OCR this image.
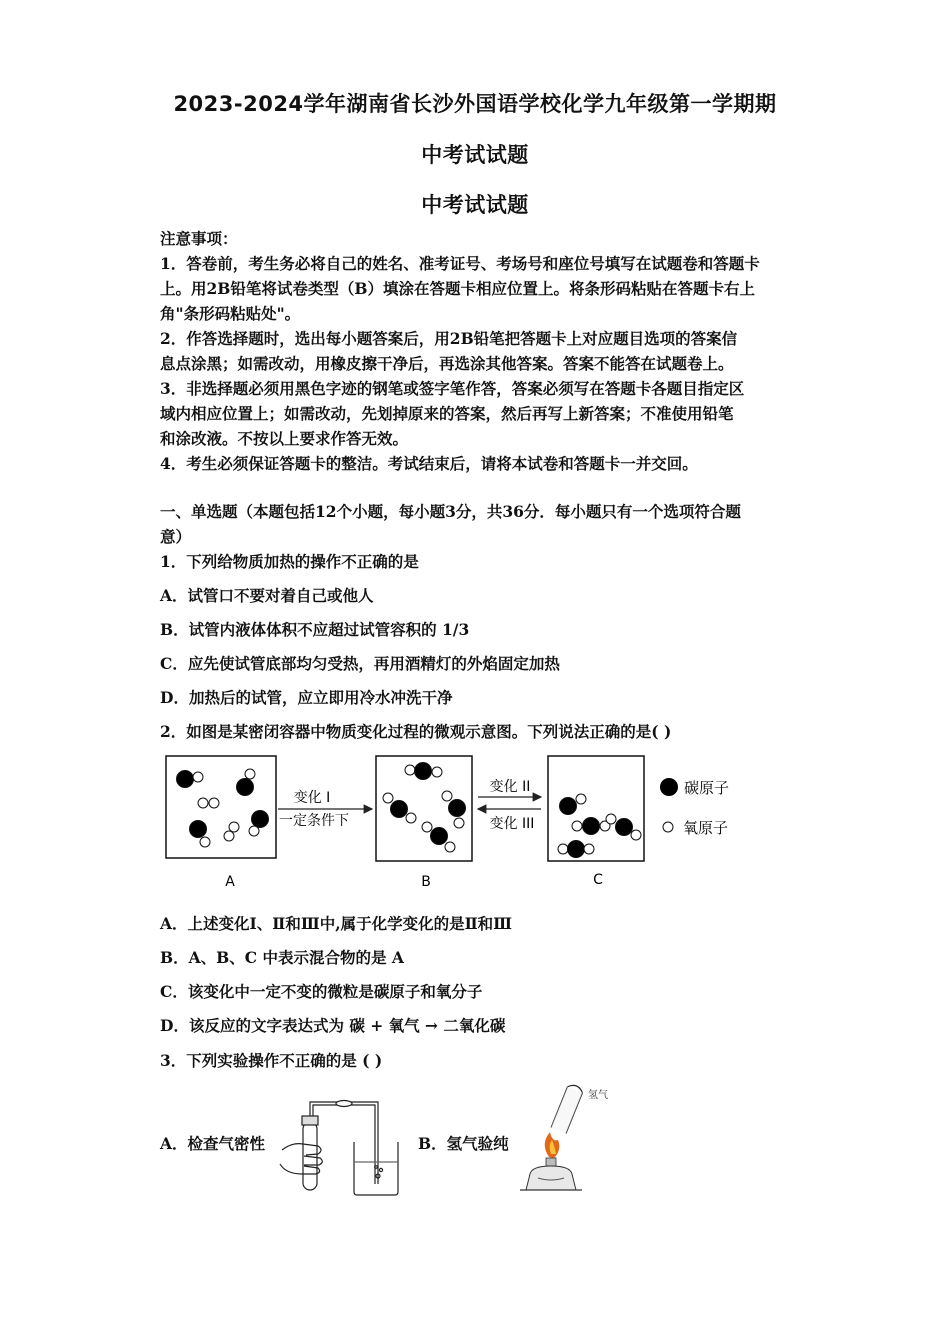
2023-2024学年湖南省长沙外国语学校化学九年级第一学期期
中考试试题
中考试试题
注意事项：
1．答卷前，考生务必将自己的姓名、准考证号、考场号和座位号填写在试题卷和答题卡
上。用2B铅笔将试卷类型（B）填涂在答题卡相应位置上。将条形码粘贴在答题卡右上
角"条形码粘贴处"。
2．作答选择题时，选出每小题答案后，用2B铅笔把答题卡上对应题目选项的答案信
息点涂黑；如需改动，用橡皮擦干净后，再选涂其他答案。答案不能答在试题卷上。
3．非选择题必须用黑色字迹的钢笔或签字笔作答，答案必须写在答题卡各题目指定区
域内相应位置上；如需改动，先划掉原来的答案，然后再写上新答案；不准使用铅笔
和涂改液。不按以上要求作答无效。
4．考生必须保证答题卡的整洁。考试结束后，请将本试卷和答题卡一并交回。
一、单选题（本题包括12个小题，每小题3分，共36分．每小题只有一个选项符合题
意）
1．下列给物质加热的操作不正确的是
A．试管口不要对着自己或他人
B．试管内液体体积不应超过试管容积的 1/3
C．应先使试管底部均匀受热，再用酒精灯的外焰固定加热
D．加热后的试管，应立即用冷水冲洗干净
2．如图是某密闭容器中物质变化过程的微观示意图。下列说法正确的是( )
A
变化 I
一定条件下
B
变化 II
变化 III
C
碳原子
氧原子
A．上述变化Ⅰ、Ⅱ和Ⅲ中,属于化学变化的是Ⅱ和Ⅲ
B．A、B、C 中表示混合物的是 A
C．该变化中一定不变的微粒是碳原子和氧分子
D．该反应的文字表达式为 碳 + 氧气 → 二氧化碳
3．下列实验操作不正确的是 ( )
A．检查气密性	B．氢气验纯
氢气
